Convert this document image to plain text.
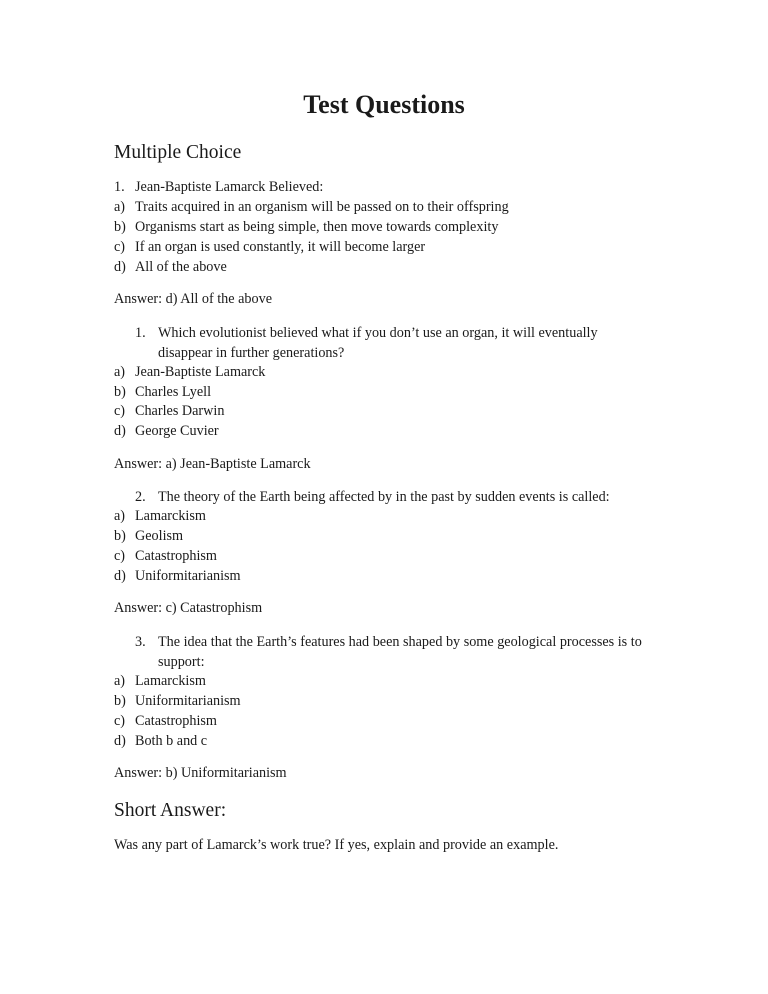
Test Questions
Multiple Choice
1. Jean-Baptiste Lamarck Believed:
a) Traits acquired in an organism will be passed on to their offspring
b) Organisms start as being simple, then move towards complexity
c) If an organ is used constantly, it will become larger
d) All of the above
Answer: d) All of the above
1. Which evolutionist believed what if you don’t use an organ, it will eventually
disappear in further generations?
a) Jean-Baptiste Lamarck
b) Charles Lyell
c) Charles Darwin
d) George Cuvier
Answer: a) Jean-Baptiste Lamarck
2. The theory of the Earth being affected by in the past by sudden events is called:
a) Lamarckism
b) Geolism
c) Catastrophism
d) Uniformitarianism
Answer: c) Catastrophism
3. The idea that the Earth’s features had been shaped by some geological processes is to
support:
a) Lamarckism
b) Uniformitarianism
c) Catastrophism
d) Both b and c
Answer: b) Uniformitarianism
Short Answer:
Was any part of Lamarck’s work true? If yes, explain and provide an example.
